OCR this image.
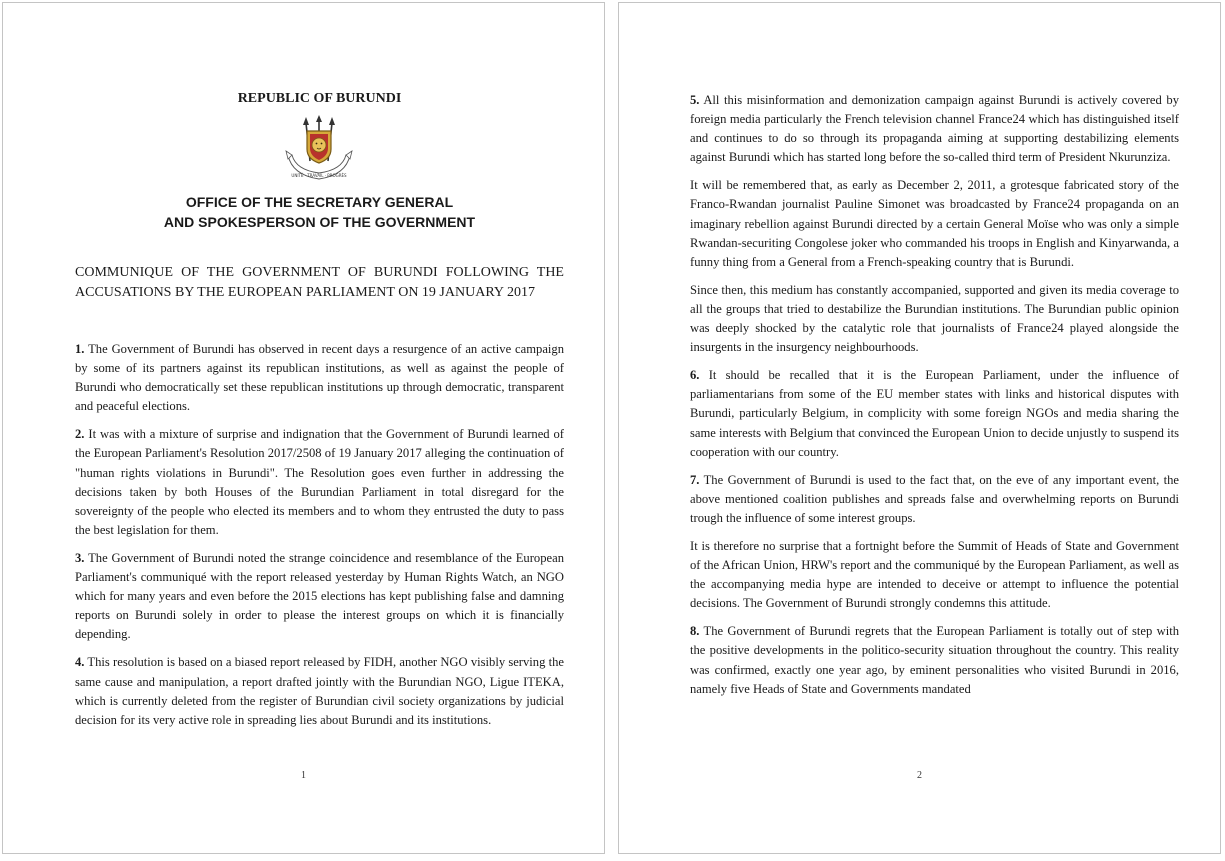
REPUBLIC OF BURUNDI
UNITÉ · TRAVAIL · PROGRÈS
OFFICE OF THE SECRETARY GENERAL
AND SPOKESPERSON OF THE GOVERNMENT
COMMUNIQUE OF THE GOVERNMENT OF BURUNDI FOLLOWING THE ACCUSATIONS BY THE EUROPEAN PARLIAMENT ON 19 JANUARY 2017

1. The Government of Burundi has observed in recent days a resurgence of an active campaign by some of its partners against its republican institutions, as well as against the people of Burundi who democratically set these republican institutions up through democratic, transparent and peaceful elections.

2. It was with a mixture of surprise and indignation that the Government of Burundi learned of the European Parliament's Resolution 2017/2508 of 19 January 2017 alleging the continuation of "human rights violations in Burundi". The Resolution goes even further in addressing the decisions taken by both Houses of the Burundian Parliament in total disregard for the sovereignty of the people who elected its members and to whom they entrusted the duty to pass the best legislation for them.

3. The Government of Burundi noted the strange coincidence and resemblance of the European Parliament's communiqué with the report released yesterday by Human Rights Watch, an NGO which for many years and even before the 2015 elections has kept publishing false and damning reports on Burundi solely in order to please the interest groups on which it is financially depending.

4. This resolution is based on a biased report released by FIDH, another NGO visibly serving the same cause and manipulation, a report drafted jointly with the Burundian NGO, Ligue ITEKA, which is currently deleted from the register of Burundian civil society organizations by judicial decision for its very active role in spreading lies about Burundi and its institutions.

1

5. All this misinformation and demonization campaign against Burundi is actively covered by foreign media particularly the French television channel France24 which has distinguished itself and continues to do so through its propaganda aiming at supporting destabilizing elements against Burundi which has started long before the so-called third term of President Nkurunziza.

It will be remembered that, as early as December 2, 2011, a grotesque fabricated story of the Franco-Rwandan journalist Pauline Simonet was broadcasted by France24 propaganda on an imaginary rebellion against Burundi directed by a certain General Moïse who was only a simple Rwandan-securiting Congolese joker who commanded his troops in English and Kinyarwanda, a funny thing from a General from a French-speaking country that is Burundi.

Since then, this medium has constantly accompanied, supported and given its media coverage to all the groups that tried to destabilize the Burundian institutions. The Burundian public opinion was deeply shocked by the catalytic role that journalists of France24 played alongside the insurgents in the insurgency neighbourhoods.

6. It should be recalled that it is the European Parliament, under the influence of parliamentarians from some of the EU member states with links and historical disputes with Burundi, particularly Belgium, in complicity with some foreign NGOs and media sharing the same interests with Belgium that convinced the European Union to decide unjustly to suspend its cooperation with our country.

7. The Government of Burundi is used to the fact that, on the eve of any important event, the above mentioned coalition publishes and spreads false and overwhelming reports on Burundi trough the influence of some interest groups.

It is therefore no surprise that a fortnight before the Summit of Heads of State and Government of the African Union, HRW's report and the communiqué by the European Parliament, as well as the accompanying media hype are intended to deceive or attempt to influence the potential decisions. The Government of Burundi strongly condemns this attitude.

8. The Government of Burundi regrets that the European Parliament is totally out of step with the positive developments in the politico-security situation throughout the country. This reality was confirmed, exactly one year ago, by eminent personalities who visited Burundi in 2016, namely five Heads of State and Governments mandated

2
